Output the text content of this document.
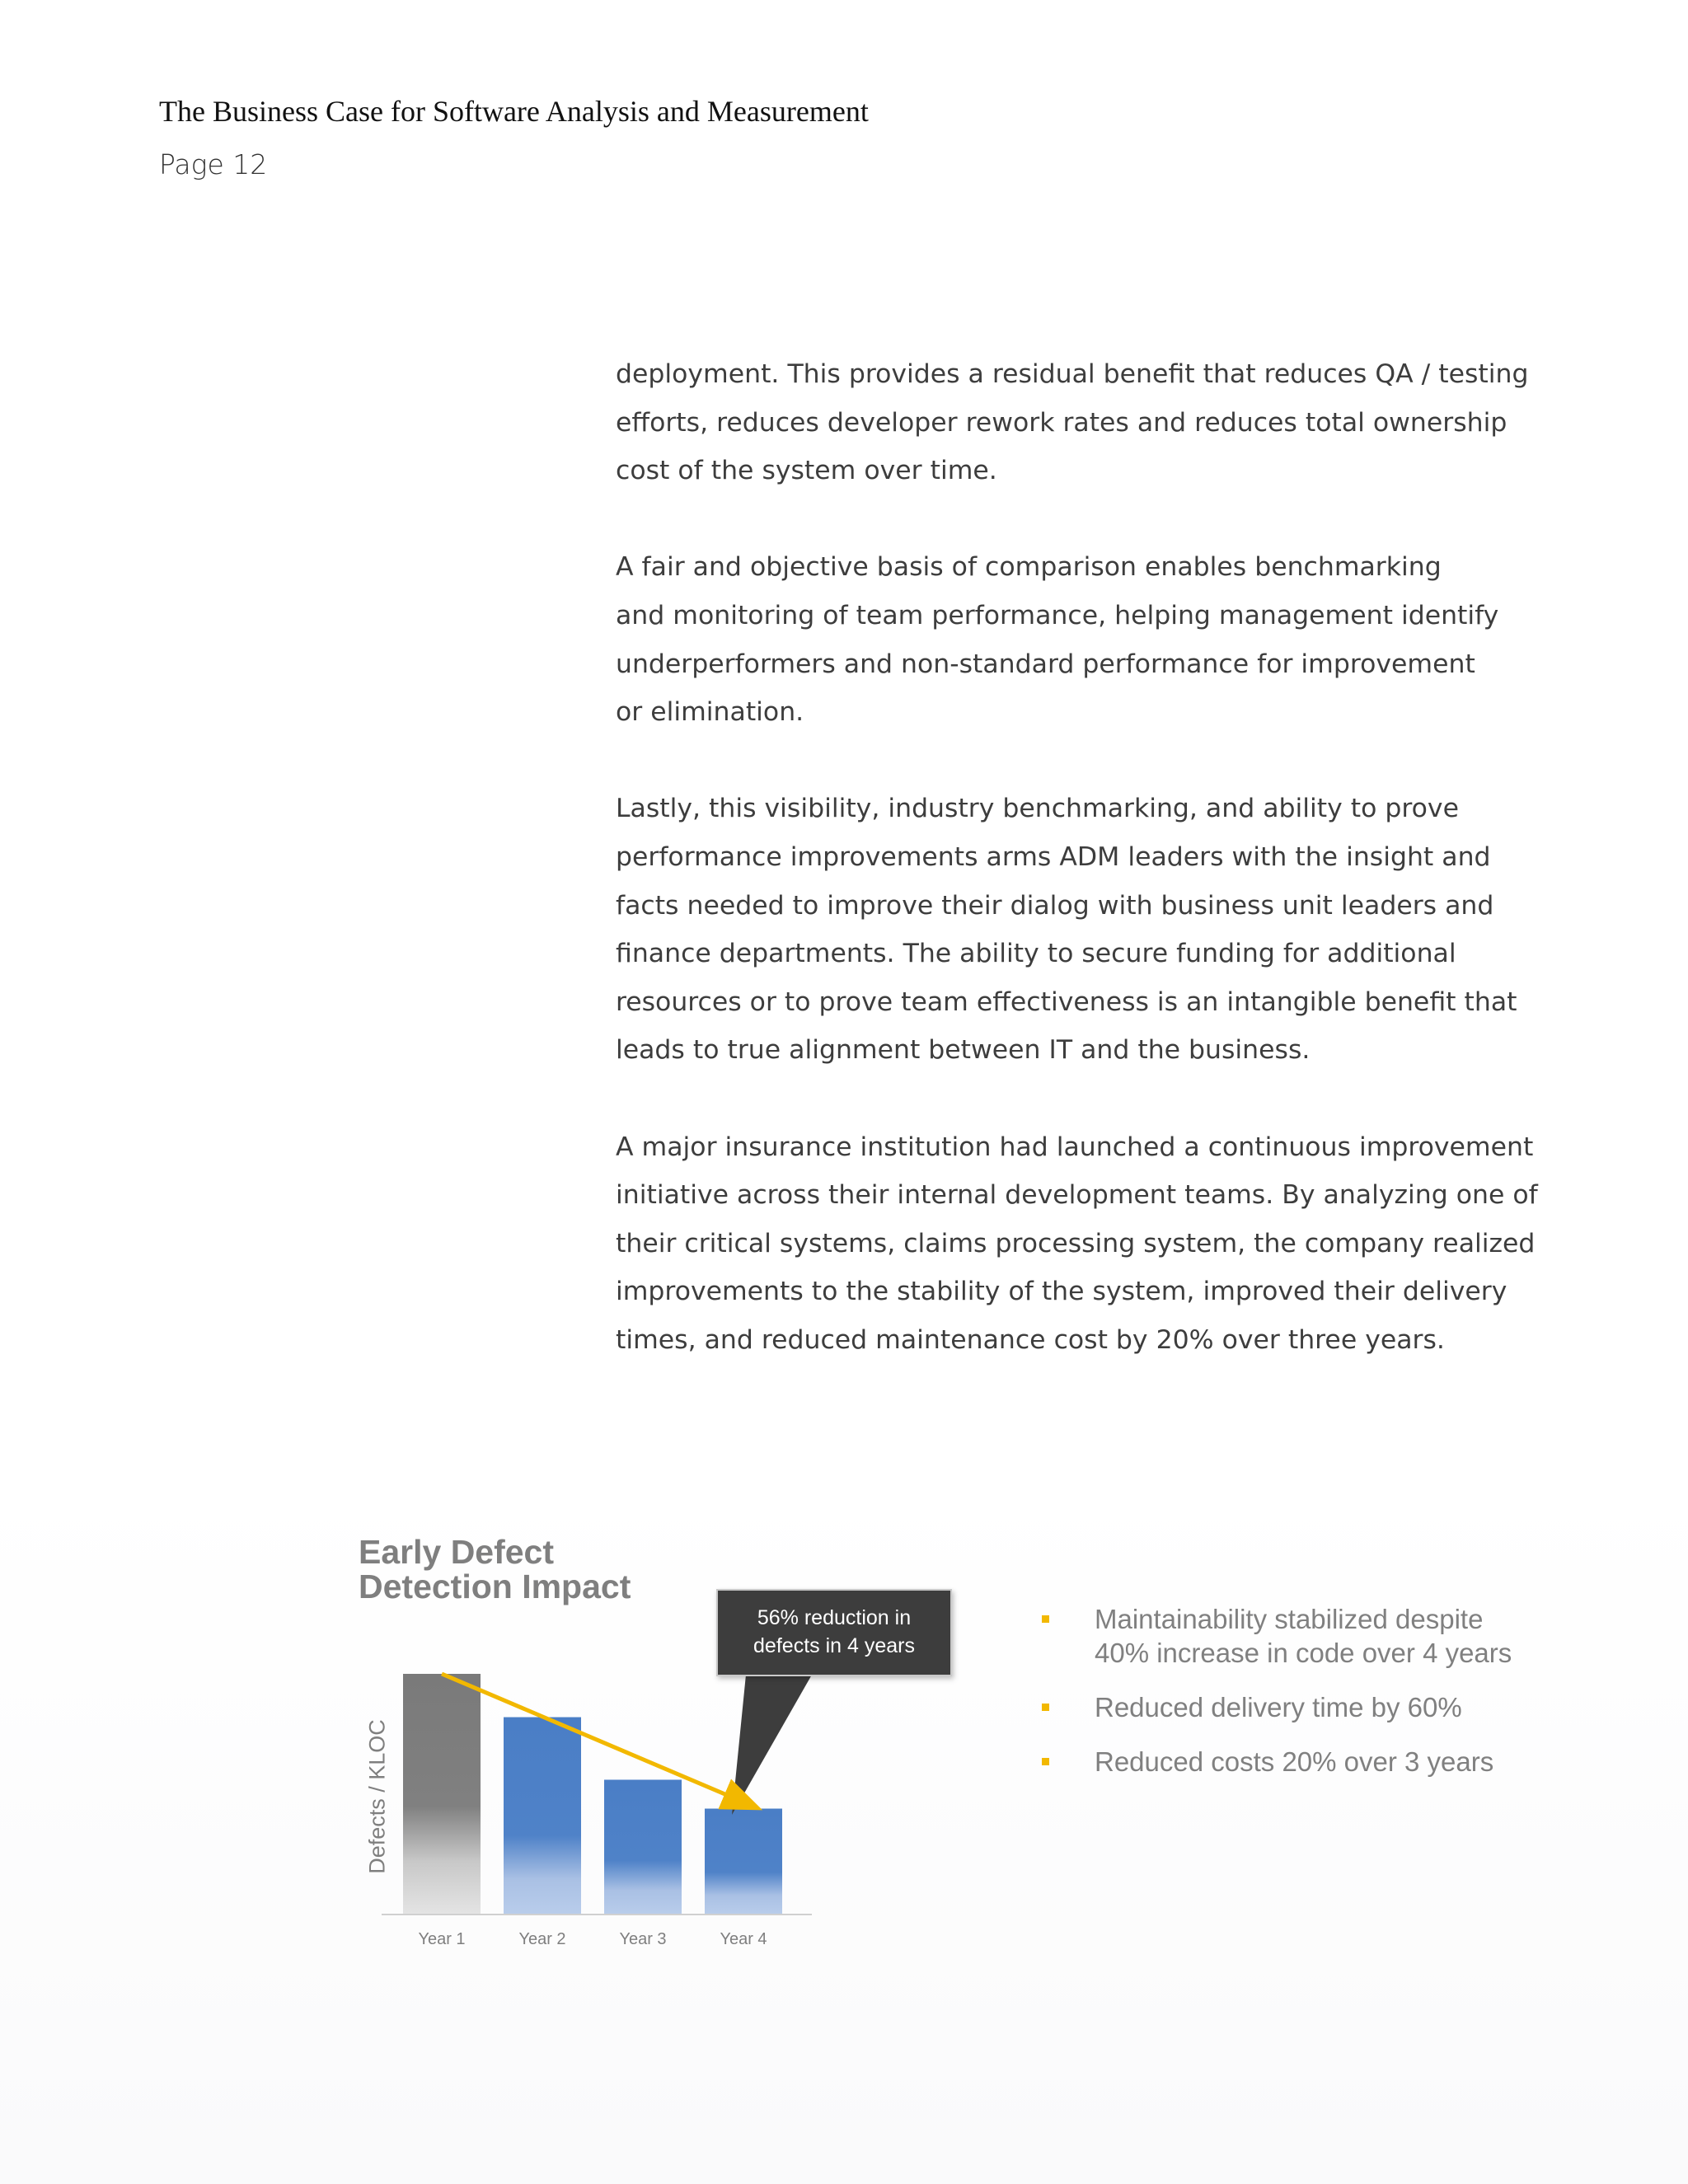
The Business Case for Software Analysis and Measurement
Page 12

deployment. This provides a residual benefit that reduces QA / testing
efforts, reduces developer rework rates and reduces total ownership
cost of the system over time.

A fair and objective basis of comparison enables benchmarking
and monitoring of team performance, helping management identify
underperformers and non-standard performance for improvement
or elimination.

Lastly, this visibility, industry benchmarking, and ability to prove
performance improvements arms ADM leaders with the insight and
facts needed to improve their dialog with business unit leaders and
finance departments. The ability to secure funding for additional
resources or to prove team effectiveness is an intangible benefit that
leads to true alignment between IT and the business.

A major insurance institution had launched a continuous improvement
initiative across their internal development teams. By analyzing one of
their critical systems, claims processing system, the company realized
improvements to the stability of the system, improved their delivery
times, and reduced maintenance cost by 20% over three years.

Early Defect
Detection Impact
Defects / KLOC
Year 1	Year 2	Year 3	Year 4
56% reduction in
defects in 4 years
Maintainability stabilized despite
40% increase in code over 4 years
Reduced delivery time by 60%
Reduced costs 20% over 3 years
